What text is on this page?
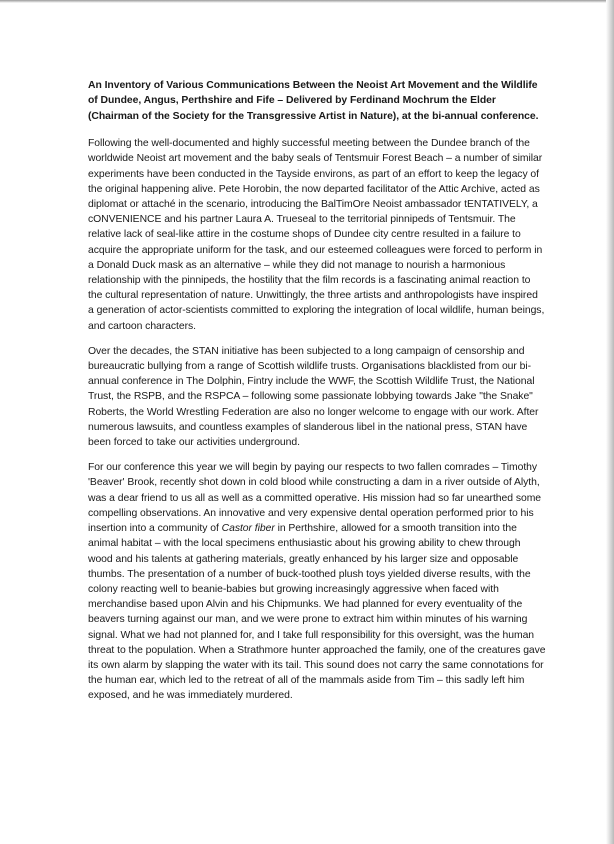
An Inventory of Various Communications Between the Neoist Art Movement and the Wildlife of Dundee, Angus, Perthshire and Fife – Delivered by Ferdinand Mochrum the Elder (Chairman of the Society for the Transgressive Artist in Nature), at the bi-annual conference.

Following the well-documented and highly successful meeting between the Dundee branch of the worldwide Neoist art movement and the baby seals of Tentsmuir Forest Beach – a number of similar experiments have been conducted in the Tayside environs, as part of an effort to keep the legacy of the original happening alive. Pete Horobin, the now departed facilitator of the Attic Archive, acted as diplomat or attaché in the scenario, introducing the BalTimOre Neoist ambassador tENTATIVELY, a cONVENIENCE and his partner Laura A. Trueseal to the territorial pinnipeds of Tentsmuir. The relative lack of seal-like attire in the costume shops of Dundee city centre resulted in a failure to acquire the appropriate uniform for the task, and our esteemed colleagues were forced to perform in a Donald Duck mask as an alternative – while they did not manage to nourish a harmonious relationship with the pinnipeds, the hostility that the film records is a fascinating animal reaction to the cultural representation of nature. Unwittingly, the three artists and anthropologists have inspired a generation of actor-scientists committed to exploring the integration of local wildlife, human beings, and cartoon characters.

Over the decades, the STAN initiative has been subjected to a long campaign of censorship and bureaucratic bullying from a range of Scottish wildlife trusts. Organisations blacklisted from our bi-annual conference in The Dolphin, Fintry include the WWF, the Scottish Wildlife Trust, the National Trust, the RSPB, and the RSPCA – following some passionate lobbying towards Jake "the Snake" Roberts, the World Wrestling Federation are also no longer welcome to engage with our work. After numerous lawsuits, and countless examples of slanderous libel in the national press, STAN have been forced to take our activities underground.

For our conference this year we will begin by paying our respects to two fallen comrades – Timothy 'Beaver' Brook, recently shot down in cold blood while constructing a dam in a river outside of Alyth, was a dear friend to us all as well as a committed operative. His mission had so far unearthed some compelling observations. An innovative and very expensive dental operation performed prior to his insertion into a community of Castor fiber in Perthshire, allowed for a smooth transition into the animal habitat – with the local specimens enthusiastic about his growing ability to chew through wood and his talents at gathering materials, greatly enhanced by his larger size and opposable thumbs. The presentation of a number of buck-toothed plush toys yielded diverse results, with the colony reacting well to beanie-babies but growing increasingly aggressive when faced with merchandise based upon Alvin and his Chipmunks. We had planned for every eventuality of the beavers turning against our man, and we were prone to extract him within minutes of his warning signal. What we had not planned for, and I take full responsibility for this oversight, was the human threat to the population. When a Strathmore hunter approached the family, one of the creatures gave its own alarm by slapping the water with its tail. This sound does not carry the same connotations for the human ear, which led to the retreat of all of the mammals aside from Tim – this sadly left him exposed, and he was immediately murdered.
